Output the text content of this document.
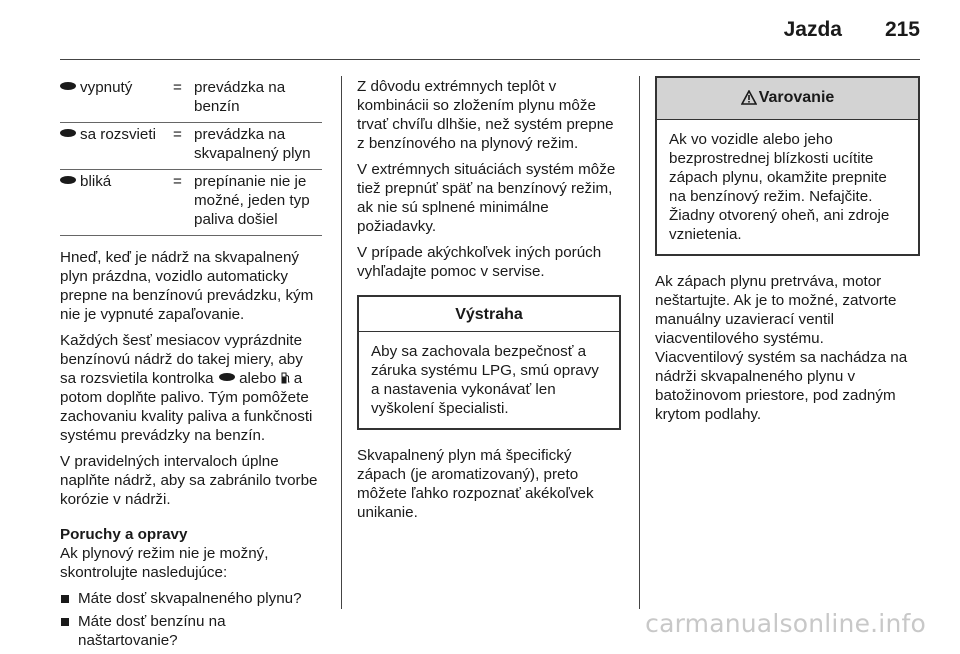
Jazda 215
vypnutý	= prevádzka na benzín
sa rozsvieti	= prevádzka na skvapalnený plyn
bliká	= prepínanie nie je možné, jeden typ paliva došiel

Hneď, keď je nádrž na skvapalnený plyn prázdna, vozidlo automaticky prepne na benzínovú prevádzku, kým nie je vypnuté zapaľovanie.

Každých šesť mesiacov vyprázdnite benzínovú nádrž do takej miery, aby sa rozsvietila kontrolka alebo a potom doplňte palivo. Tým pomôžete zachovaniu kvality paliva a funkčnosti systému prevádzky na benzín.

V pravidelných intervaloch úplne naplňte nádrž, aby sa zabránilo tvorbe korózie v nádrži.

Poruchy a opravy

Ak plynový režim nie je možný, skontrolujte nasledujúce:

Máte dosť skvapalneného plynu?
Máte dosť benzínu na naštartovanie?

Z dôvodu extrémnych teplôt v kombinácii so zložením plynu môže trvať chvíľu dlhšie, než systém prepne z benzínového na plynový režim.

V extrémnych situáciách systém môže tiež prepnúť späť na benzínový režim, ak nie sú splnené minimálne požiadavky.

V prípade akýchkoľvek iných porúch vyhľadajte pomoc v servise.

Výstraha
Aby sa zachovala bezpečnosť a záruka systému LPG, smú opravy a nastavenia vykonávať len vyškolení špecialisti.

Skvapalnený plyn má špecifický zápach (je aromatizovaný), preto môžete ľahko rozpoznať akékoľvek unikanie.

Varovanie
Ak vo vozidle alebo jeho bezprostrednej blízkosti ucítite zápach plynu, okamžite prepnite na benzínový režim. Nefajčite. Žiadny otvorený oheň, ani zdroje vznietenia.

Ak zápach plynu pretrváva, motor neštartujte. Ak je to možné, zatvorte manuálny uzavierací ventil viacventilového systému.

Viacventilový systém sa nachádza na nádrži skvapalneného plynu v batožinovom priestore, pod zadným krytom podlahy.

carmanualsonline.info
